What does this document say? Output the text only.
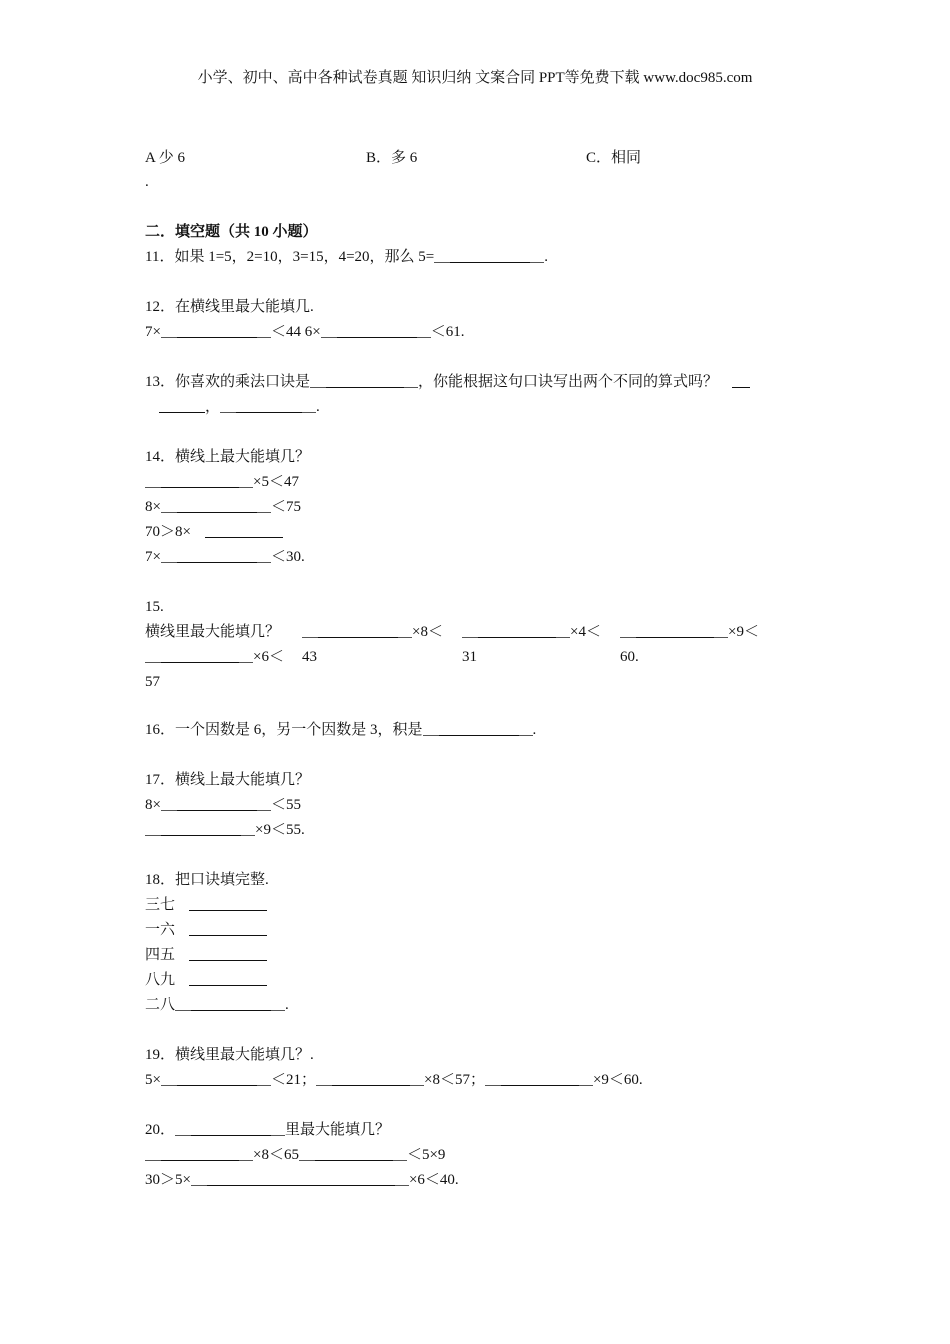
小学、初中、高中各种试卷真题 知识归纳 文案合同 PPT等免费下载 www.doc985.com
A 少 6	B．多 6	C．相同
.
二．填空题（共 10 小题）
11．如果 1=5，2=10，3=15，4=20，那么 5=	.
12．在横线里最大能填几.
7×	＜44 6×	＜61.
13．你喜欢的乘法口诀是	，你能根据这句口诀写出两个不同的算式吗？
，	.
14．横线上最大能填几？
×5＜47
8×	＜75
70＞8×
7×	＜30.
15.
横线里最大能填几？	×8＜	×4＜	×9＜
×6＜ 43	31	60.
57
16．一个因数是 6，另一个因数是 3，积是	.
17．横线上最大能填几？
8×	＜55
×9＜55.
18．把口诀填完整.
三七
一六
四五
八九
二八	.
19．横线里最大能填几？.
5×	＜21；	×8＜57；	×9＜60.
20．	里最大能填几？
×8＜65	＜5×9
30＞5×	×6＜40.
